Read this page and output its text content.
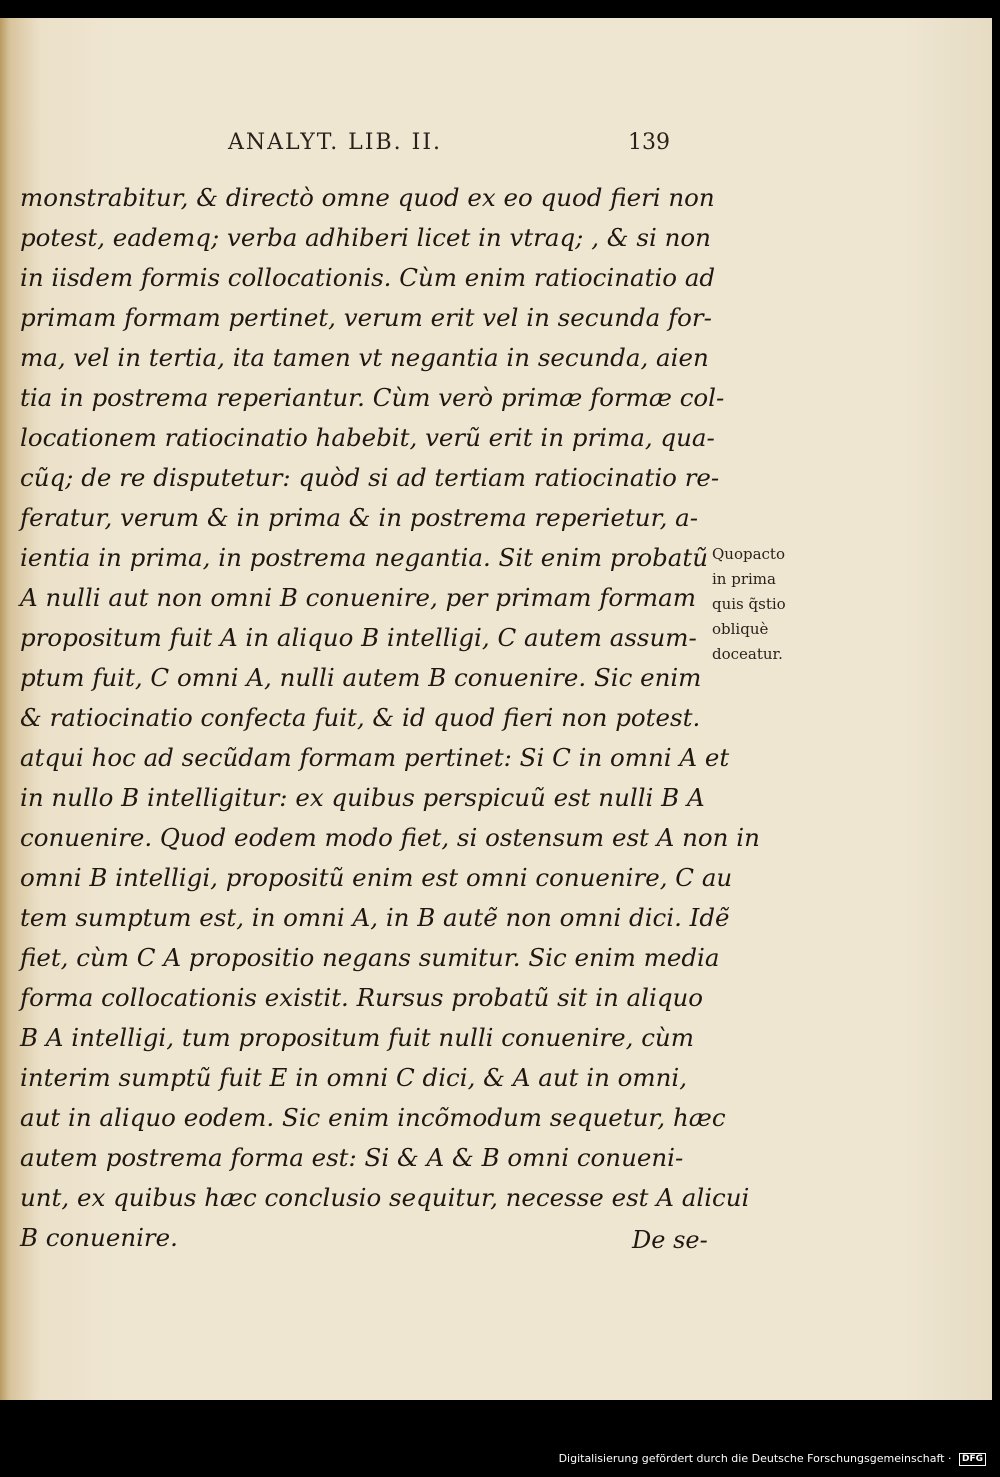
ANALYT. LIB. II.	139
monstrabitur, & directò omne quod ex eo quod fieri non
potest, eademq; verba adhiberi licet in vtraq; , & si non
in iisdem formis collocationis. Cùm enim ratiocinatio ad
primam formam pertinet, verum erit vel in secunda for-
ma, vel in tertia, ita tamen vt negantia in secunda, aien
tia in postrema reperiantur. Cùm verò primæ formæ col-
locationem ratiocinatio habebit, verũ erit in prima, qua-
cũq; de re disputetur: quòd si ad tertiam ratiocinatio re-
feratur, verum & in prima & in postrema reperietur, a-
ientia in prima, in postrema negantia. Sit enim probatũ
A nulli aut non omni B conuenire, per primam formam
propositum fuit A in aliquo B intelligi, C autem assum-
ptum fuit, C omni A, nulli autem B conuenire. Sic enim
& ratiocinatio confecta fuit, & id quod fieri non potest.
atqui hoc ad secũdam formam pertinet: Si C in omni A et
in nullo B intelligitur: ex quibus perspicuũ est nulli B A
conuenire. Quod eodem modo fiet, si ostensum est A non in
omni B intelligi, propositũ enim est omni conuenire, C au
tem sumptum est, in omni A, in B autẽ non omni dici. Idẽ
fiet, cùm C A propositio negans sumitur. Sic enim media
forma collocationis existit. Rursus probatũ sit in aliquo
B A intelligi, tum propositum fuit nulli conuenire, cùm
interim sumptũ fuit E in omni C dici, & A aut in omni,
aut in aliquo eodem. Sic enim incõmodum sequetur, hæc
autem postrema forma est: Si & A & B omni conueni-
unt, ex quibus hæc conclusio sequitur, necesse est A alicui
B conuenire.
Quopacto
in prima
quis q̃stio
obliquè
doceatur.
De se-
Digitalisierung gefördert durch die Deutsche Forschungsgemeinschaft · DFG
